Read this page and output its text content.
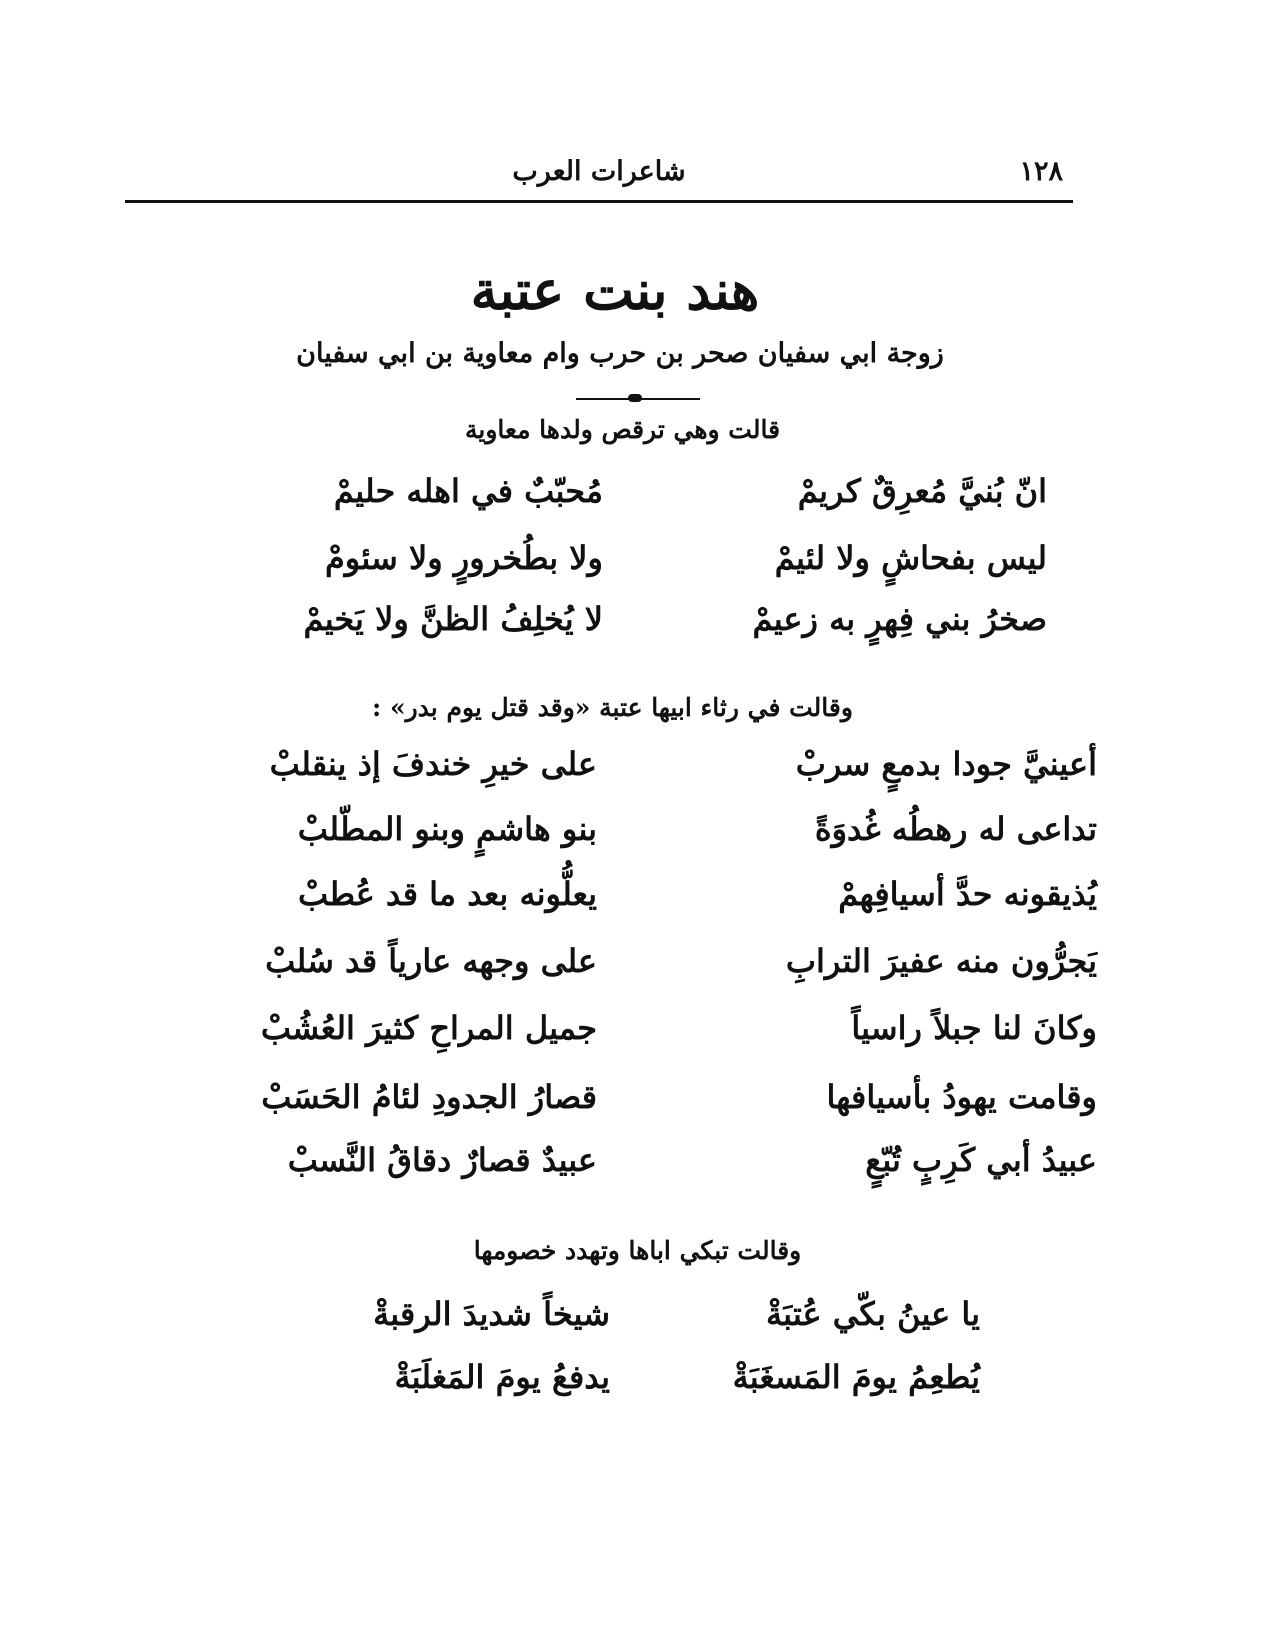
١٢٨
شاعرات العرب
هند بنت عتبة
زوجة ابي سفيان صحر بن حرب وام معاوية بن ابي سفيان
قالت وهي ترقص ولدها معاوية
انّ بُنيَّ مُعرِقٌ كريمْ
مُحبّبٌ في اهله حليمْ
ليس بفحاشٍ ولا لئيمْ
ولا بطُخرورٍ ولا سئومْ
صخرُ بني فِهرٍ به زعيمْ
لا يُخلِفُ الظنَّ ولا يَخيمْ
وقالت في رثاء ابيها عتبة «وقد قتل يوم بدر» :
أعينيَّ جودا بدمعٍ سربْ
على خيرِ خندفَ إذ ينقلبْ
تداعى له رهطُه غُدوَةً
بنو هاشمٍ وبنو المطّلبْ
يُذيقونه حدَّ أسيافِهمْ
يعلُّونه بعد ما قد عُطبْ
يَجرُّون منه عفيرَ الترابِ
على وجهه عارياً قد سُلبْ
وكانَ لنا جبلاً راسياً
جميل المراحِ كثيرَ العُشُبْ
وقامت يهودُ بأسيافها
قصارُ الجدودِ لئامُ الحَسَبْ
عبيدُ أبي كَرِبٍ تُبّعٍ
عبيدٌ قصارٌ دقاقُ النَّسبْ
وقالت تبكي اباها وتهدد خصومها
يا عينُ بكّي عُتبَةْ
شيخاً شديدَ الرقبةْ
يُطعِمُ يومَ المَسغَبَةْ
يدفعُ يومَ المَغلَبَةْ
